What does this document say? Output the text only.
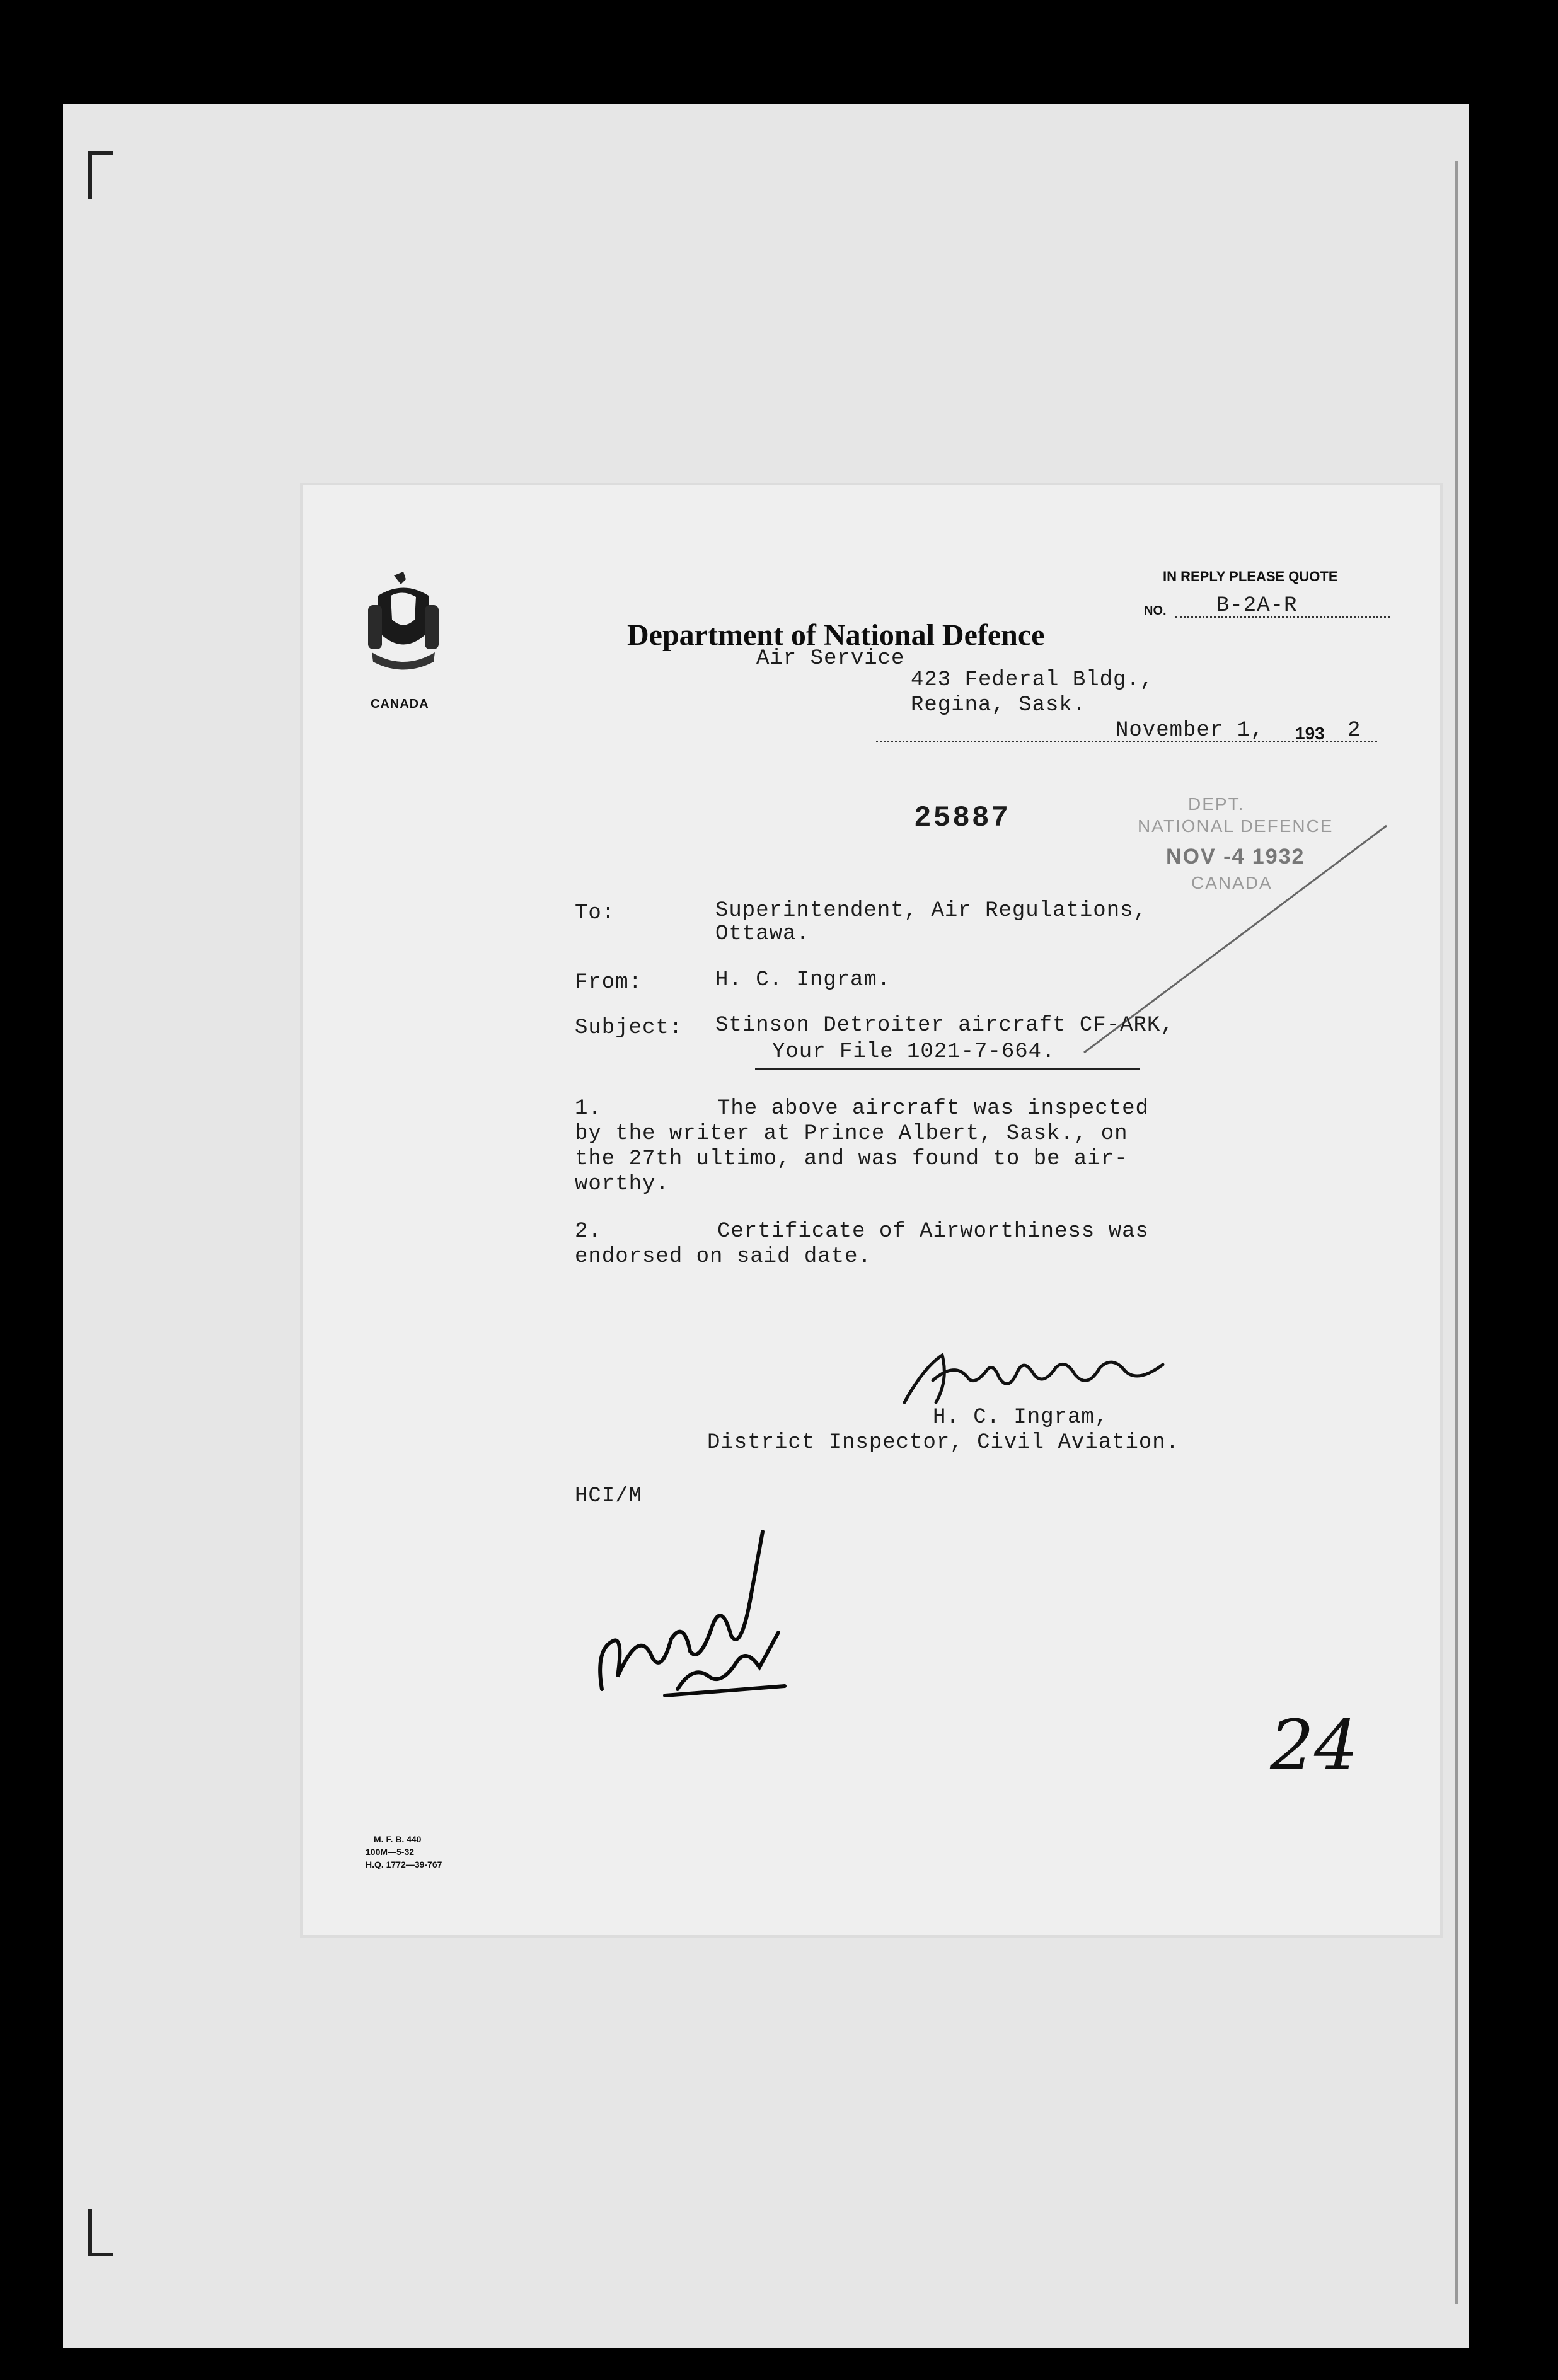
CANADA
Department of National Defence
Air Service
IN REPLY PLEASE QUOTE
NO. B-2A-R
423 Federal Bldg.,
Regina, Sask.
November 1, 193 2
25887	DEPT.
NATIONAL DEFENCE
NOV -4 1932
CANADA
To:	Superintendent, Air Regulations,
Ottawa.
From:	H. C. Ingram.
Subject: Stinson Detroiter aircraft CF-ARK,
Your File 1021-7-664.
1.	The above aircraft was inspected
by the writer at Prince Albert, Sask., on
the 27th ultimo, and was found to be air-
worthy.
2.	Certificate of Airworthiness was
endorsed on said date.
H. C. Ingram,
District Inspector, Civil Aviation.
HCI/M
24
M. F. B. 440
100M—5-32
H.Q. 1772—39-767
